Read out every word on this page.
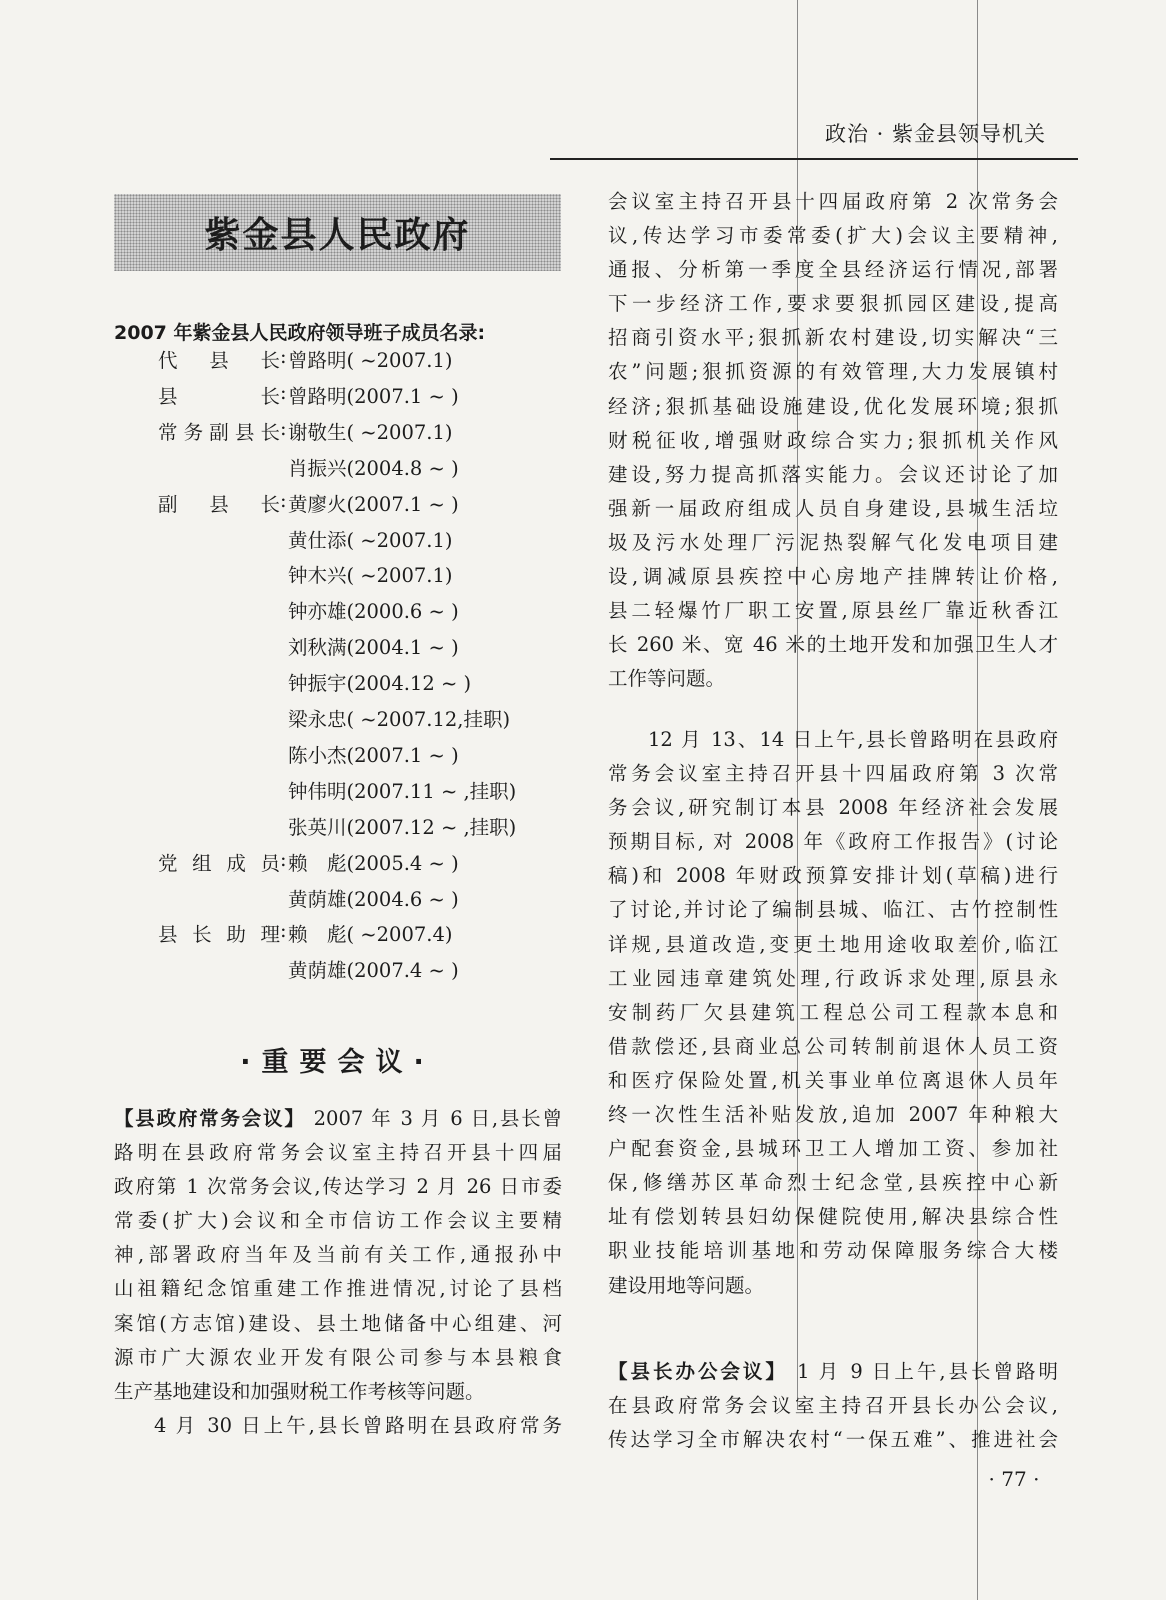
政治 · 紫金县领导机关
紫金县人民政府
2007 年紫金县人民政府领导班子成员名录:
代县长 : 曾路明( ~2007.1)
县长 : 曾路明(2007.1 ~ )
常务副县长 : 谢敬生( ~2007.1)
肖振兴(2004.8 ~ )
副县长 : 黄廖火(2007.1 ~ )
黄仕添( ~2007.1)
钟木兴( ~2007.1)
钟亦雄(2000.6 ~ )
刘秋满(2004.1 ~ )
钟振宇(2004.12 ~ )
梁永忠( ~2007.12,挂职)
陈小杰(2007.1 ~ )
钟伟明(2007.11 ~ ,挂职)
张英川(2007.12 ~ ,挂职)
党组成员 : 赖　彪(2005.4 ~ )
黄荫雄(2004.6 ~ )
县长助理 : 赖　彪( ~2007.4)
黄荫雄(2007.4 ~ )
·重要会议·
【县政府常务会议】 2007 年 3 月 6 日,县长曾
路明在县政府常务会议室主持召开县十四届
政府第 1 次常务会议,传达学习 2 月 26 日市委
常委(扩大)会议和全市信访工作会议主要精
神,部署政府当年及当前有关工作,通报孙中
山祖籍纪念馆重建工作推进情况,讨论了县档
案馆(方志馆)建设、县土地储备中心组建、河
源市广大源农业开发有限公司参与本县粮食
生产基地建设和加强财税工作考核等问题。
4 月 30 日上午,县长曾路明在县政府常务
会议室主持召开县十四届政府第 2 次常务会
议,传达学习市委常委(扩大)会议主要精神,
通报、分析第一季度全县经济运行情况,部署
下一步经济工作,要求要狠抓园区建设,提高
招商引资水平;狠抓新农村建设,切实解决“三
农”问题;狠抓资源的有效管理,大力发展镇村
经济;狠抓基础设施建设,优化发展环境;狠抓
财税征收,增强财政综合实力;狠抓机关作风
建设,努力提高抓落实能力。会议还讨论了加
强新一届政府组成人员自身建设,县城生活垃
圾及污水处理厂污泥热裂解气化发电项目建
设,调减原县疾控中心房地产挂牌转让价格,
县二轻爆竹厂职工安置,原县丝厂靠近秋香江
长 260 米、宽 46 米的土地开发和加强卫生人才
工作等问题。
12 月 13、14 日上午,县长曾路明在县政府
常务会议室主持召开县十四届政府第 3 次常
务会议,研究制订本县 2008 年经济社会发展
预期目标, 对 2008 年《政府工作报告》(讨论
稿)和 2008 年财政预算安排计划(草稿)进行
了讨论,并讨论了编制县城、临江、古竹控制性
详规,县道改造,变更土地用途收取差价,临江
工业园违章建筑处理,行政诉求处理,原县永
安制药厂欠县建筑工程总公司工程款本息和
借款偿还,县商业总公司转制前退休人员工资
和医疗保险处置,机关事业单位离退休人员年
终一次性生活补贴发放,追加 2007 年种粮大
户配套资金,县城环卫工人增加工资、参加社
保,修缮苏区革命烈士纪念堂,县疾控中心新
址有偿划转县妇幼保健院使用,解决县综合性
职业技能培训基地和劳动保障服务综合大楼
建设用地等问题。
【县长办公会议】 1 月 9 日上午,县长曾路明
在县政府常务会议室主持召开县长办公会议,
传达学习全市解决农村“一保五难”、推进社会
· 77 ·
